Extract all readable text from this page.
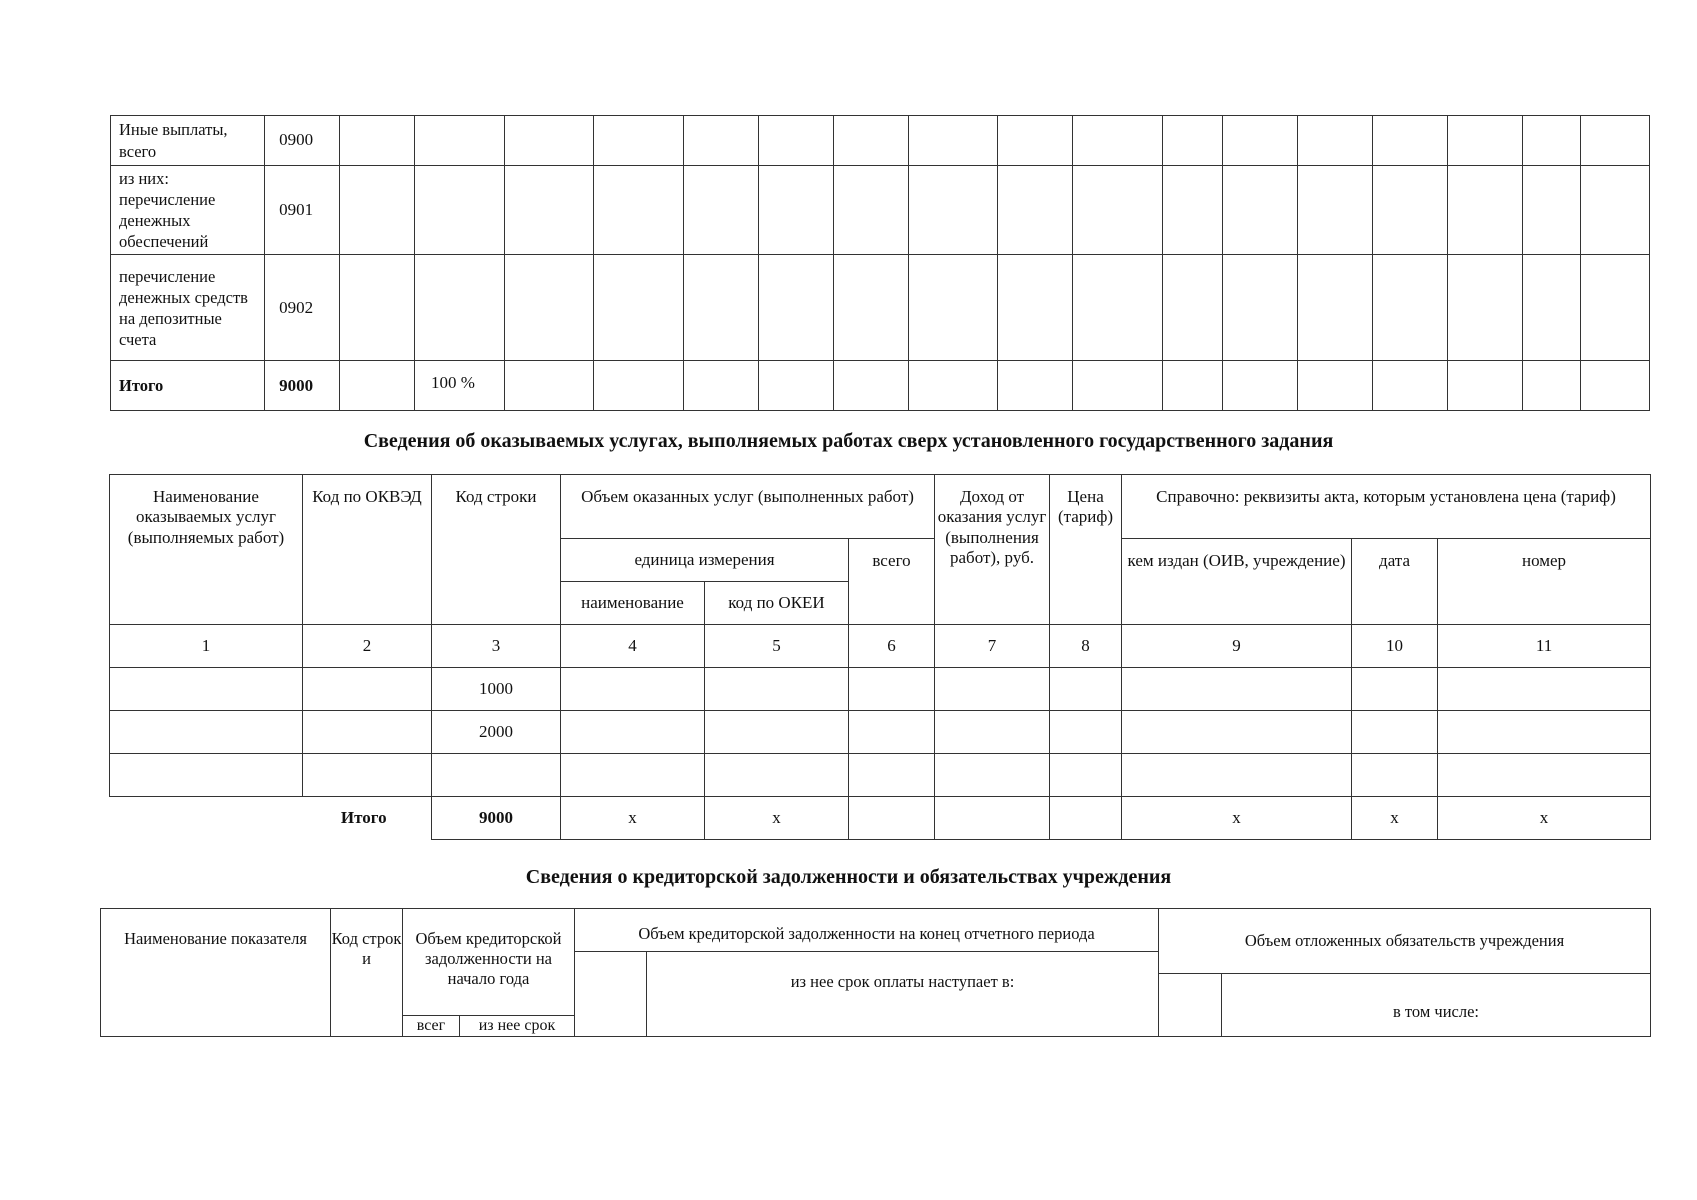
Иные выплаты, всего	0900																	
из них: перечисление денежных обеспечений	0901																	
перечисление денежных средств на депозитные счета	0902																	
Итого	9000		100 %															
Сведения об оказываемых услугах, выполняемых работах сверх установленного государственного задания
Наименование оказываемых услуг (выполняемых работ)	Код по ОКВЭД	Код строки	Объем оказанных услуг (выполненных работ)			Доход от оказания услуг (выполнения работ), руб.	Цена (тариф)	Справочно: реквизиты акта, которым установлена цена (тариф)		
			единица измерения		всего			кем издан (ОИВ, учреждение)	дата	номер
			наименование	код по ОКЕИ						
1	2	3	4	5	6	7	8	9	10	11
		1000								
		2000								

	Итого	9000	x	x				x	x	x
Сведения о кредиторской задолженности и обязательствах учреждения
Наименование показателя	Код строк и	Объем кредиторской задолженности на начало года		Объем кредиторской задолженности на конец отчетного периода		Объем отложенных обязательств учреждения	
					из нее срок оплаты наступает в:		
							в том числе:
		всег	из нее срок				
